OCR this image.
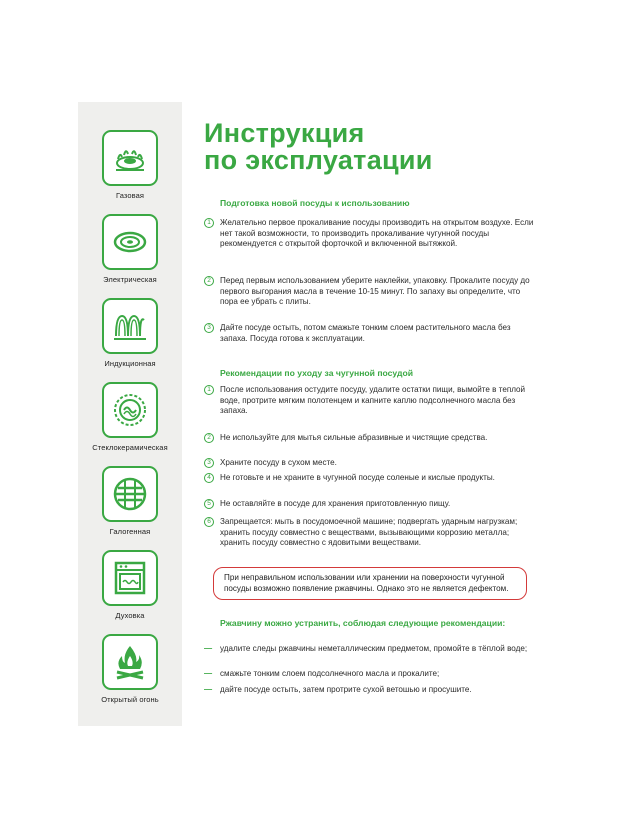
Газовая
Электрическая
Индукционная
Стеклокерамическая
Галогенная
Духовка
Открытый огонь
Инструкция
по эксплуатации
Подготовка новой посуды к использованию
1	Желательно первое прокаливание посуды производить на открытом воздухе. Если нет такой возможности, то производить прокаливание чугунной посуды рекомендуется с открытой форточкой и включенной вытяжкой.
2	Перед первым использованием уберите наклейки, упаковку. Прокалите посуду до первого выгорания масла в течение 10-15 минут. По запаху вы определите, что пора ее убрать с плиты.
3	Дайте посуде остыть, потом смажьте тонким слоем растительного масла без запаха. Посуда готова к эксплуатации.
Рекомендации по уходу за чугунной посудой
1	После использования остудите посуду, удалите остатки пищи, вымойте в теплой воде, протрите мягким полотенцем и капните каплю подсолнечного масла без запаха.
2	Не используйте для мытья сильные абразивные и чистящие средства.
3	Храните посуду в сухом месте.
4	Не готовьте и не храните в чугунной посуде соленые и кислые продукты.
5	Не оставляйте в посуде для хранения приготовленную пищу.
6	Запрещается: мыть в посудомоечной машине; подвергать ударным нагрузкам; хранить посуду совместно с веществами, вызывающими коррозию металла; хранить посуду совместно с ядовитыми веществами.
При неправильном использовании или хранении на поверхности чугунной посуды возможно появление ржавчины. Однако это не является дефектом.
Ржавчину можно устранить, соблюдая следующие рекомендации:
— удалите следы ржавчины неметаллическим предметом, промойте в тёплой воде;
— смажьте тонким слоем подсолнечного масла и прокалите;
— дайте посуде остыть, затем протрите сухой ветошью и просушите.
